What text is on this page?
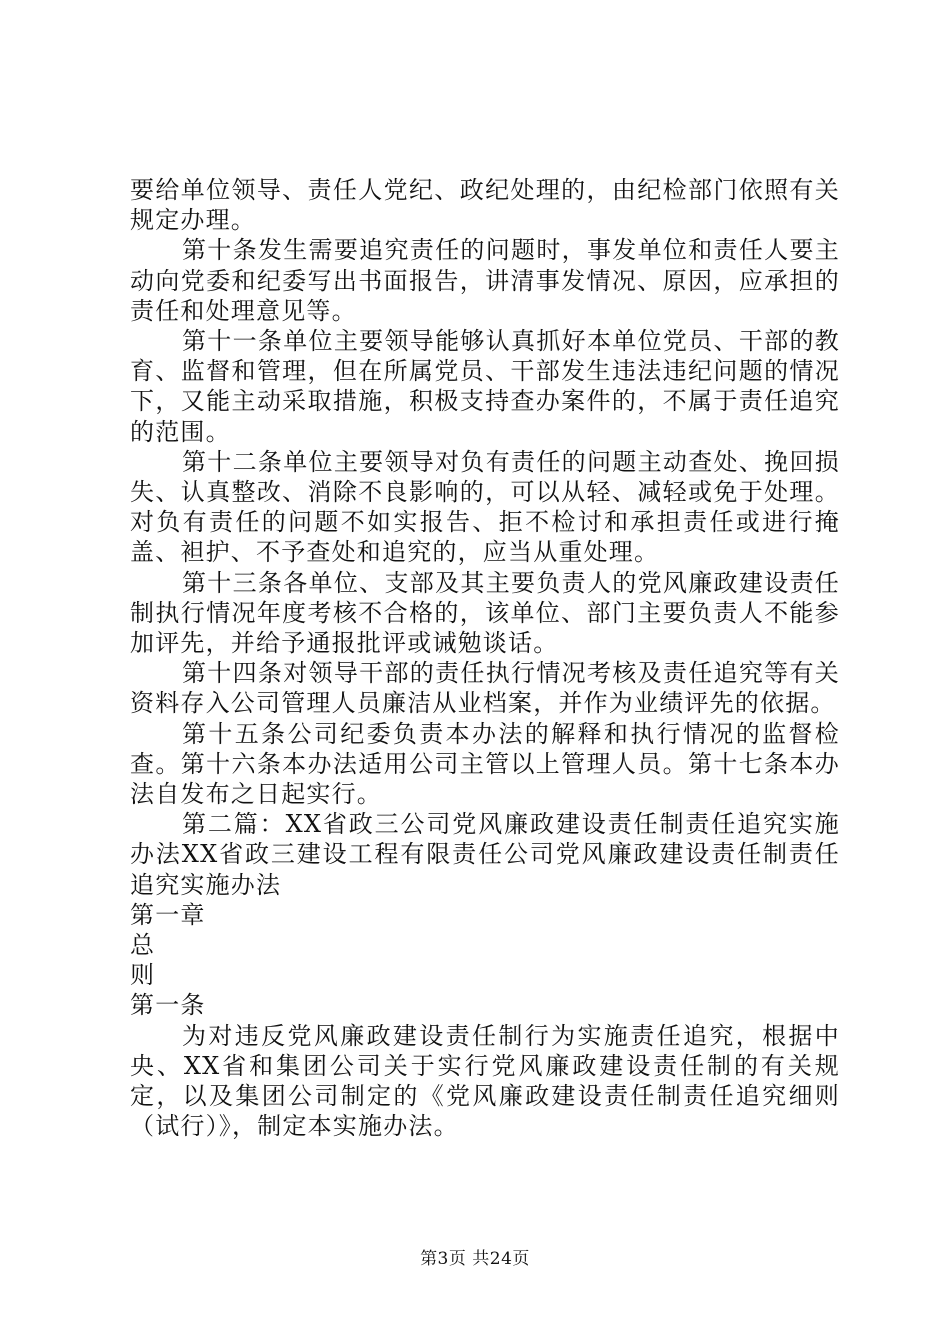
要给单位领导、责任人党纪、政纪处理的，由纪检部门依照有关规定办理。

第十条发生需要追究责任的问题时，事发单位和责任人要主动向党委和纪委写出书面报告，讲清事发情况、原因，应承担的责任和处理意见等。

第十一条单位主要领导能够认真抓好本单位党员、干部的教育、监督和管理，但在所属党员、干部发生违法违纪问题的情况下，又能主动采取措施，积极支持查办案件的，不属于责任追究的范围。

第十二条单位主要领导对负有责任的问题主动查处、挽回损失、认真整改、消除不良影响的，可以从轻、减轻或免于处理。对负有责任的问题不如实报告、拒不检讨和承担责任或进行掩盖、袒护、不予查处和追究的，应当从重处理。

第十三条各单位、支部及其主要负责人的党风廉政建设责任制执行情况年度考核不合格的，该单位、部门主要负责人不能参加评先，并给予通报批评或诫勉谈话。

第十四条对领导干部的责任执行情况考核及责任追究等有关资料存入公司管理人员廉洁从业档案，并作为业绩评先的依据。

第十五条公司纪委负责本办法的解释和执行情况的监督检查。第十六条本办法适用公司主管以上管理人员。第十七条本办法自发布之日起实行。

第二篇：XX省政三公司党风廉政建设责任制责任追究实施办法XX省政三建设工程有限责任公司党风廉政建设责任制责任追究实施办法

第一章

总

则

第一条

为对违反党风廉政建设责任制行为实施责任追究，根据中央、XX省和集团公司关于实行党风廉政建设责任制的有关规定，以及集团公司制定的《党风廉政建设责任制责任追究细则（试行）》，制定本实施办法。

第3页 共24页
